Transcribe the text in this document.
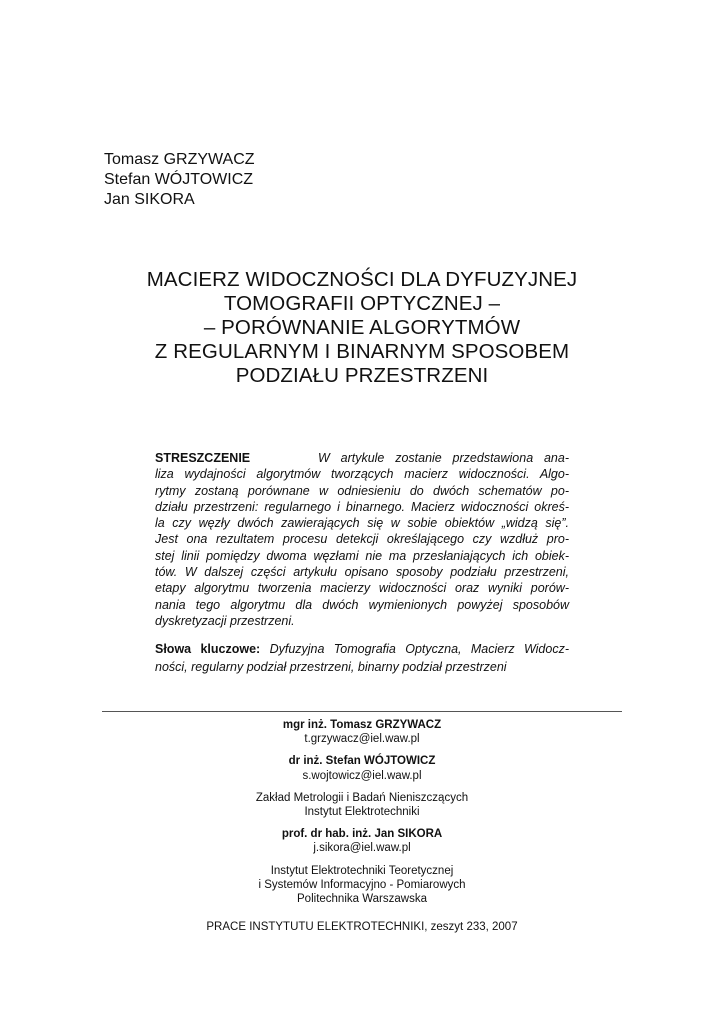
Tomasz GRZYWACZ
Stefan WÓJTOWICZ
Jan SIKORA
MACIERZ WIDOCZNOŚCI DLA DYFUZYJNEJ
TOMOGRAFII OPTYCZNEJ –
– PORÓWNANIE ALGORYTMÓW
Z REGULARNYM I BINARNYM SPOSOBEM
PODZIAŁU PRZESTRZENI
STRESZCZENIE	W artykule zostanie przedstawiona ana-
liza wydajności algorytmów tworzących macierz widoczności. Algo-
rytmy zostaną porównane w odniesieniu do dwóch schematów po-
działu przestrzeni: regularnego i binarnego. Macierz widoczności okreś-
la czy węzły dwóch zawierających się w sobie obiektów „widzą się”.
Jest ona rezultatem procesu detekcji określającego czy wzdłuż pro-
stej linii pomiędzy dwoma węzłami nie ma przesłaniających ich obiek-
tów. W dalszej części artykułu opisano sposoby podziału przestrzeni,
etapy algorytmu tworzenia macierzy widoczności oraz wyniki porów-
nania tego algorytmu dla dwóch wymienionych powyżej sposobów
dyskretyzacji przestrzeni.
Słowa kluczowe: Dyfuzyjna Tomografia Optyczna, Macierz Widocz-
ności, regularny podział przestrzeni, binarny podział przestrzeni
mgr inż. Tomasz GRZYWACZ
t.grzywacz@iel.waw.pl
dr inż. Stefan WÓJTOWICZ
s.wojtowicz@iel.waw.pl
Zakład Metrologii i Badań Nieniszczących
Instytut Elektrotechniki
prof. dr hab. inż. Jan SIKORA
j.sikora@iel.waw.pl
Instytut Elektrotechniki Teoretycznej
i Systemów Informacyjno - Pomiarowych
Politechnika Warszawska
PRACE INSTYTUTU ELEKTROTECHNIKI, zeszyt 233, 2007
